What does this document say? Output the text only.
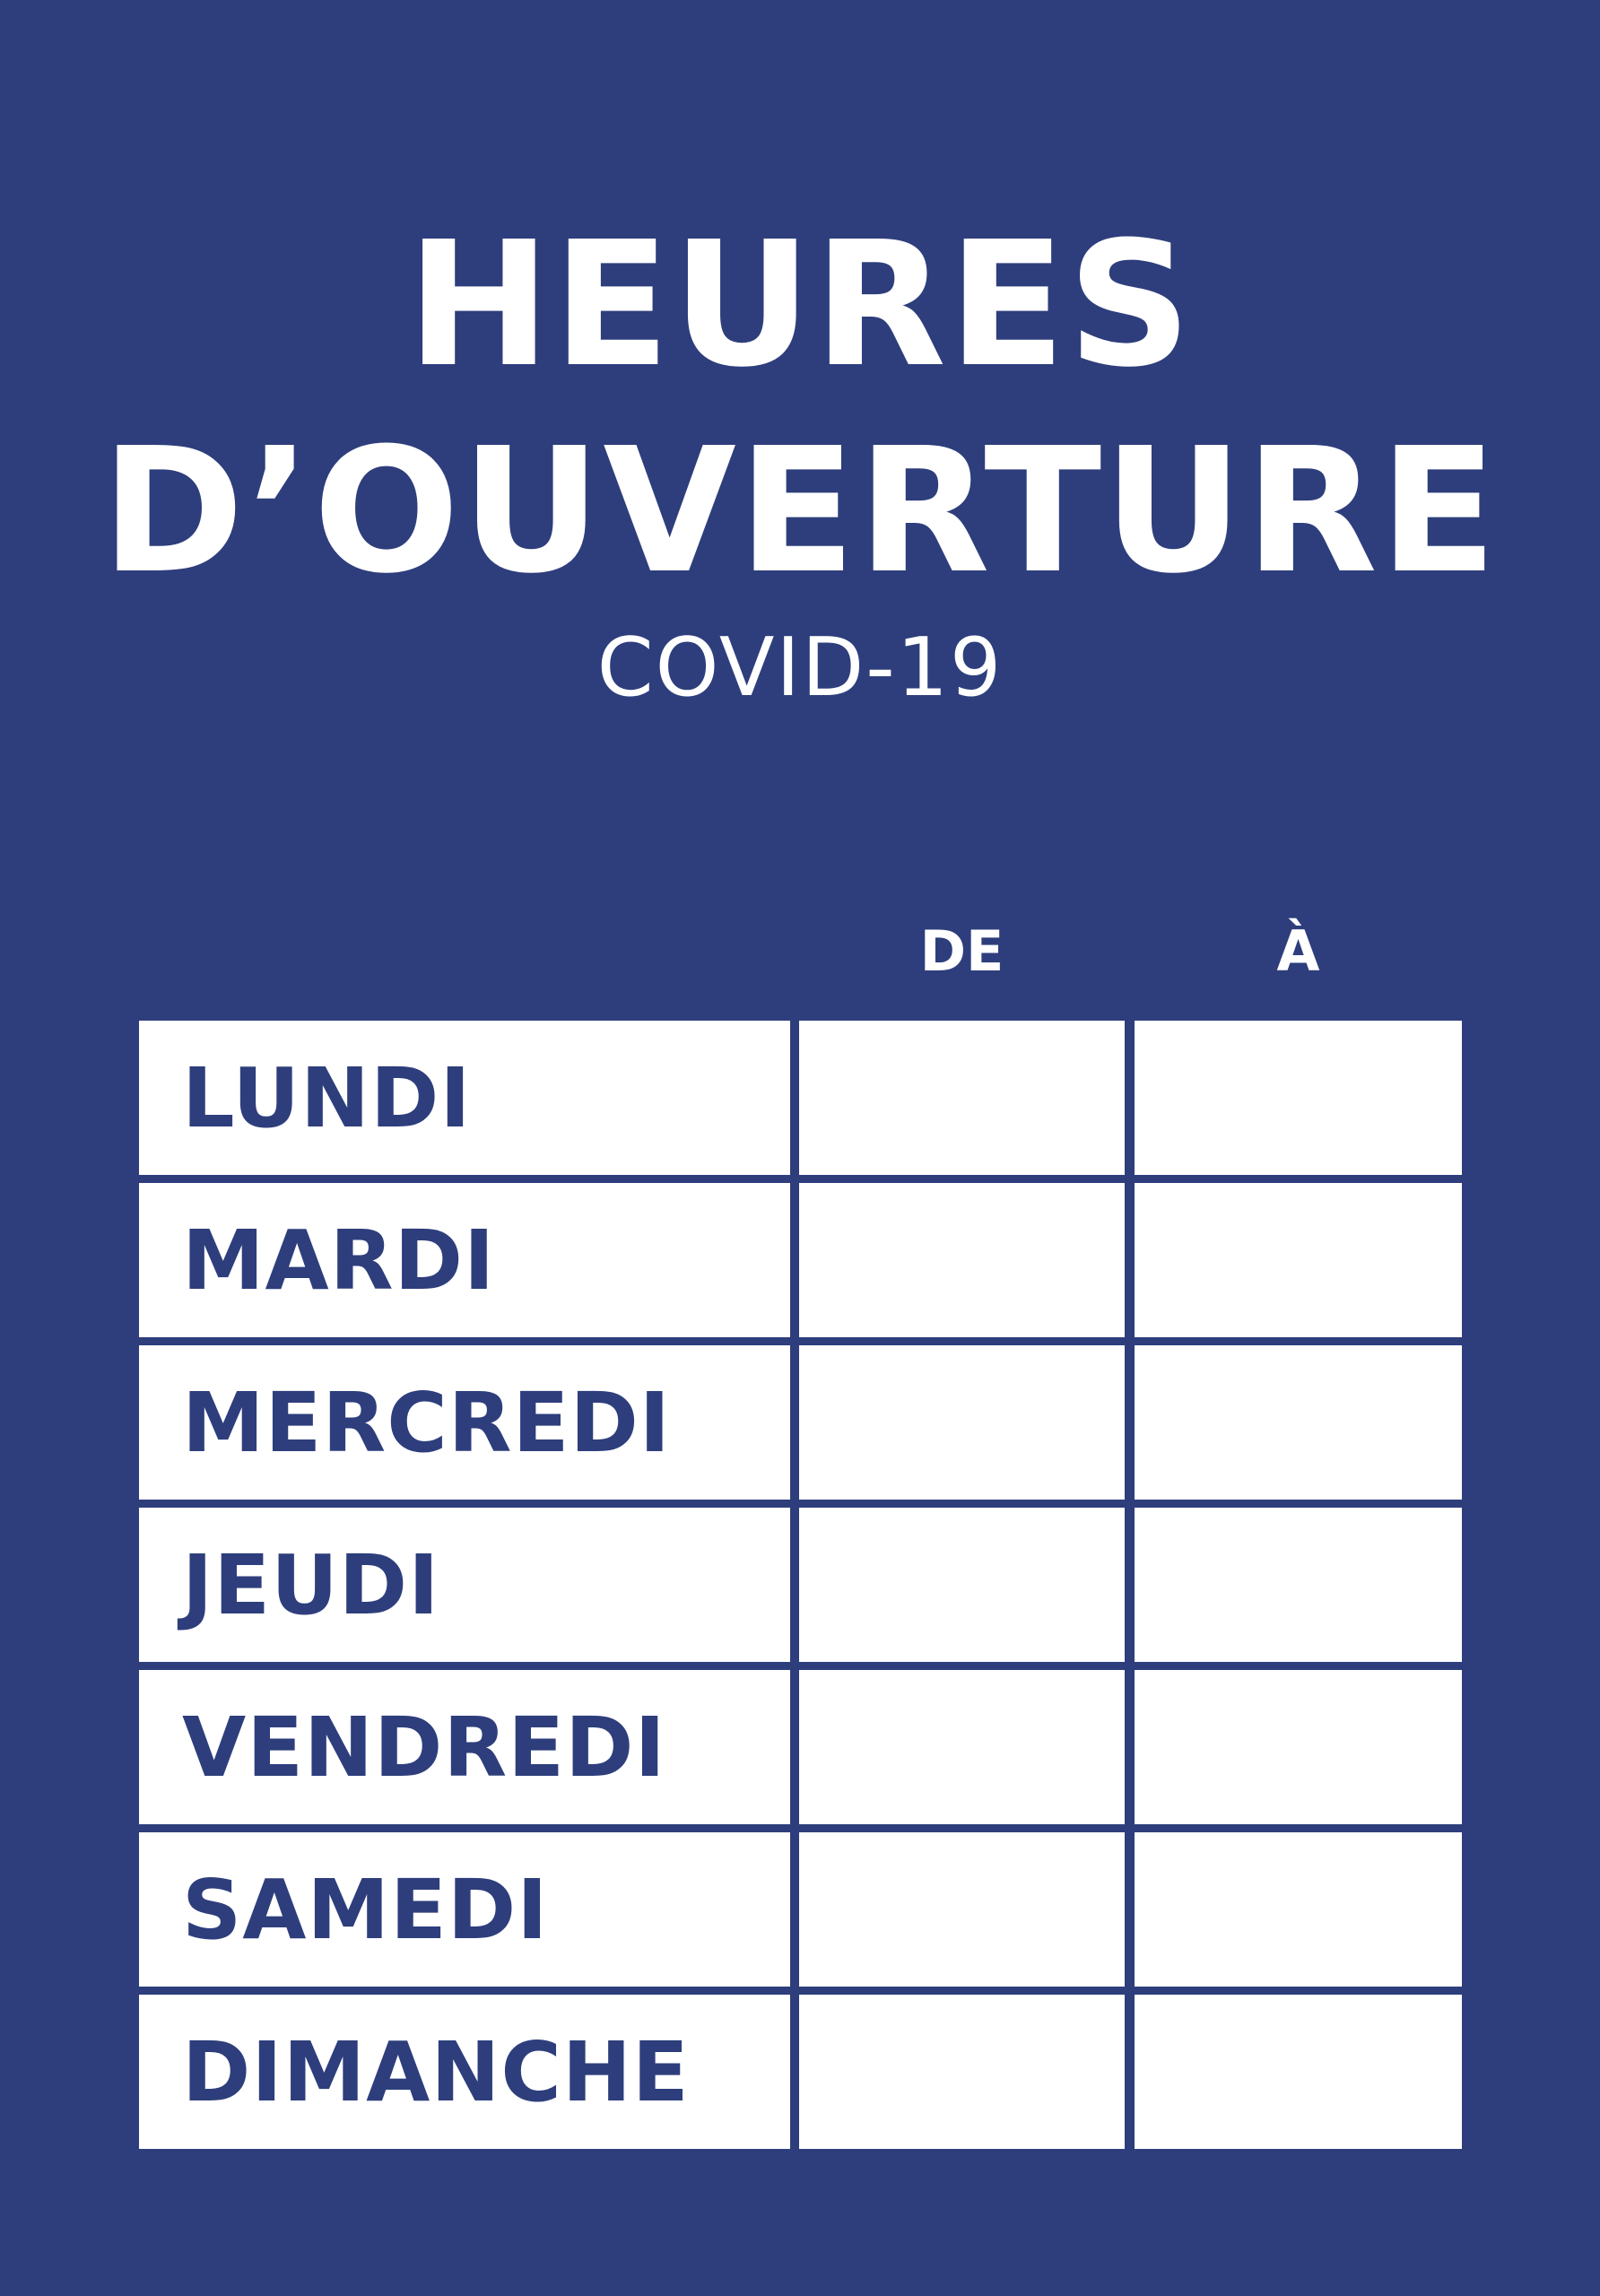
HEURES
D’OUVERTURE
COVID-19
DE	À
LUNDI
MARDI
MERCREDI
JEUDI
VENDREDI
SAMEDI
DIMANCHE
